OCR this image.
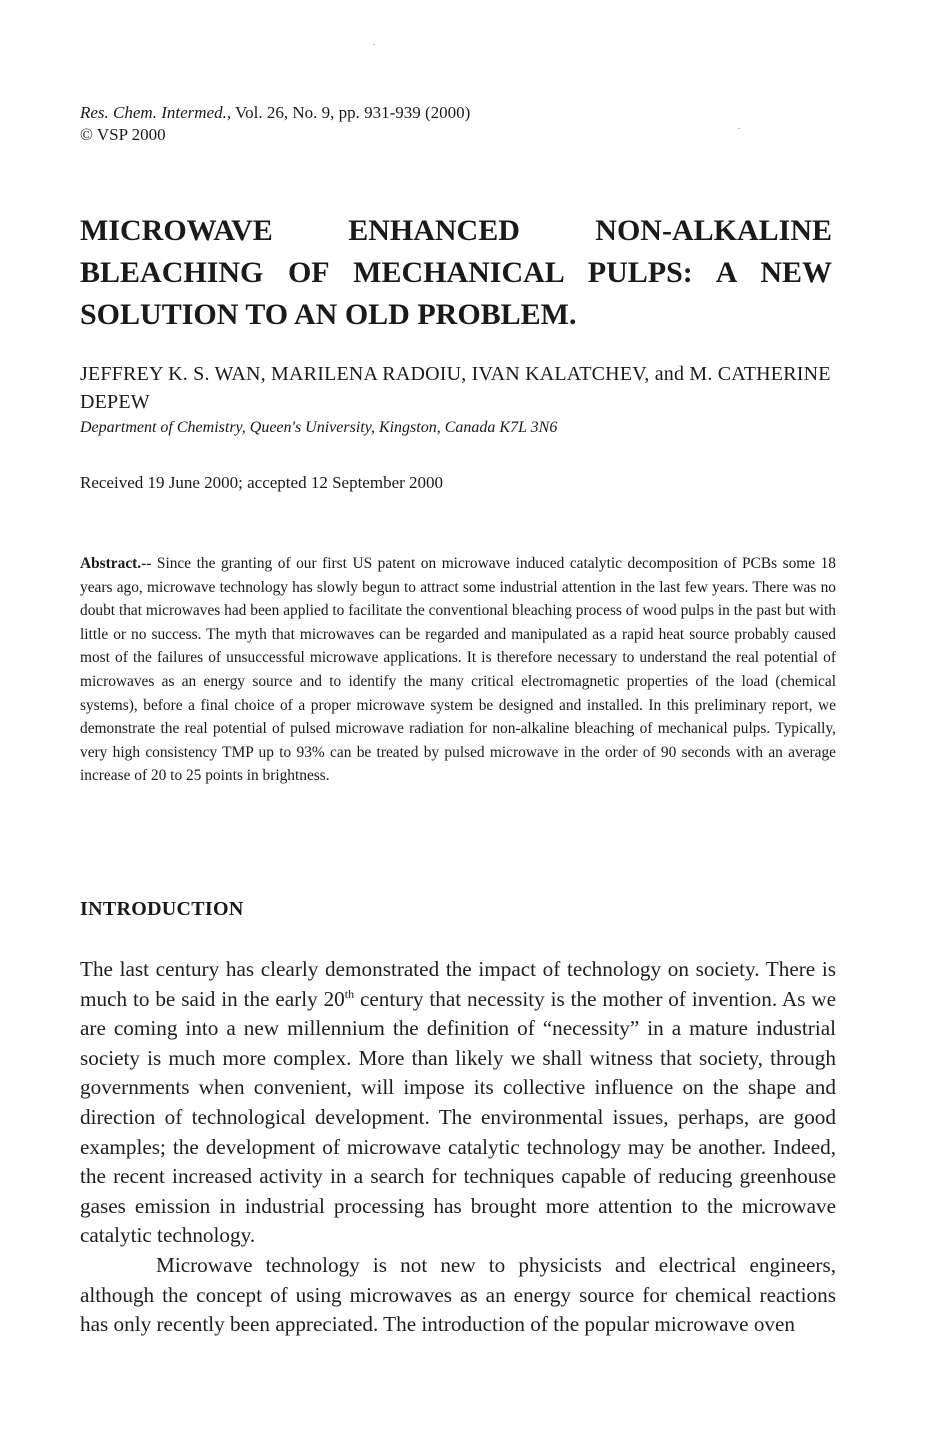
Res. Chem. Intermed., Vol. 26, No. 9, pp. 931-939 (2000)
© VSP 2000
MICROWAVE ENHANCED NON-ALKALINE
BLEACHING OF MECHANICAL PULPS: A NEW
SOLUTION TO AN OLD PROBLEM.
JEFFREY K. S. WAN, MARILENA RADOIU, IVAN KALATCHEV, and M. CATHERINE DEPEW
Department of Chemistry, Queen's University, Kingston, Canada K7L 3N6
Received 19 June 2000; accepted 12 September 2000

Abstract.-- Since the granting of our first US patent on microwave induced catalytic decomposition of PCBs some 18 years ago, microwave technology has slowly begun to attract some industrial attention in the last few years. There was no doubt that microwaves had been applied to facilitate the conventional bleaching process of wood pulps in the past but with little or no success. The myth that microwaves can be regarded and manipulated as a rapid heat source probably caused most of the failures of unsuccessful microwave applications. It is therefore necessary to understand the real potential of microwaves as an energy source and to identify the many critical electromagnetic properties of the load (chemical systems), before a final choice of a proper microwave system be designed and installed. In this preliminary report, we demonstrate the real potential of pulsed microwave radiation for non-alkaline bleaching of mechanical pulps. Typically, very high consistency TMP up to 93% can be treated by pulsed microwave in the order of 90 seconds with an average increase of 20 to 25 points in brightness.

INTRODUCTION

The last century has clearly demonstrated the impact of technology on society. There is much to be said in the early 20th century that necessity is the mother of invention. As we are coming into a new millennium the definition of “necessity” in a mature industrial society is much more complex. More than likely we shall witness that society, through governments when convenient, will impose its collective influence on the shape and direction of technological development. The environmental issues, perhaps, are good examples; the development of microwave catalytic technology may be another. Indeed, the recent increased activity in a search for techniques capable of reducing greenhouse gases emission in industrial processing has brought more attention to the microwave catalytic technology.

Microwave technology is not new to physicists and electrical engineers, although the concept of using microwaves as an energy source for chemical reactions has only recently been appreciated. The introduction of the popular microwave oven
